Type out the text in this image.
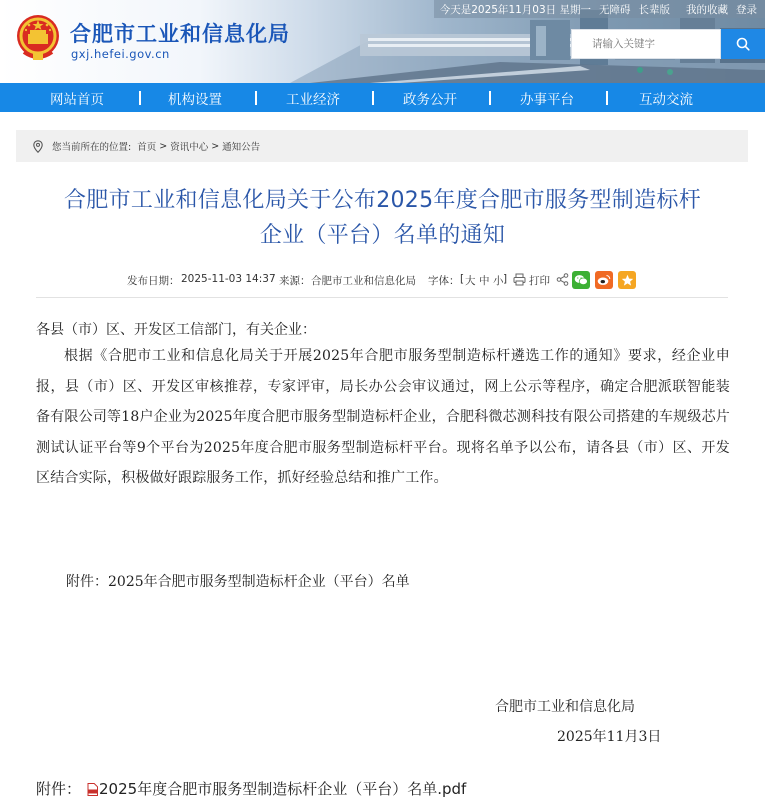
今天是2025年11月03日 星期一 无障碍 长辈版 我的收藏 登录
合肥市工业和信息化局
gxj.hefei.gov.cn
请输入关键字
网站首页	机构设置	工业经济	政务公开	办事平台	互动交流
您当前所在的位置: 首页 > 资讯中心 > 通知公告
合肥市工业和信息化局关于公布2025年度合肥市服务型制造标杆
企业（平台）名单的通知
发布日期： 2025-11-03 14:37 来源： 合肥市工业和信息化局 字体： [ 大 中 小 ] 打印
各县（市）区、开发区工信部门，有关企业：
根据《合肥市工业和信息化局关于开展2025年合肥市服务型制造标杆遴选工作的通知》要求，经企业申报，县（市）区、开发区审核推荐，专家评审，局长办公会审议通过，网上公示等程序，确定合肥派联智能装备有限公司等18户企业为2025年度合肥市服务型制造标杆企业，合肥科微芯测科技有限公司搭建的车规级芯片测试认证平台等9个平台为2025年度合肥市服务型制造标杆平台。现将名单予以公布，请各县（市）区、开发区结合实际，积极做好跟踪服务工作，抓好经验总结和推广工作。
附件：2025年合肥市服务型制造标杆企业（平台）名单
合肥市工业和信息化局
2025年11月3日
附件： 2025年度合肥市服务型制造标杆企业（平台）名单.pdf
